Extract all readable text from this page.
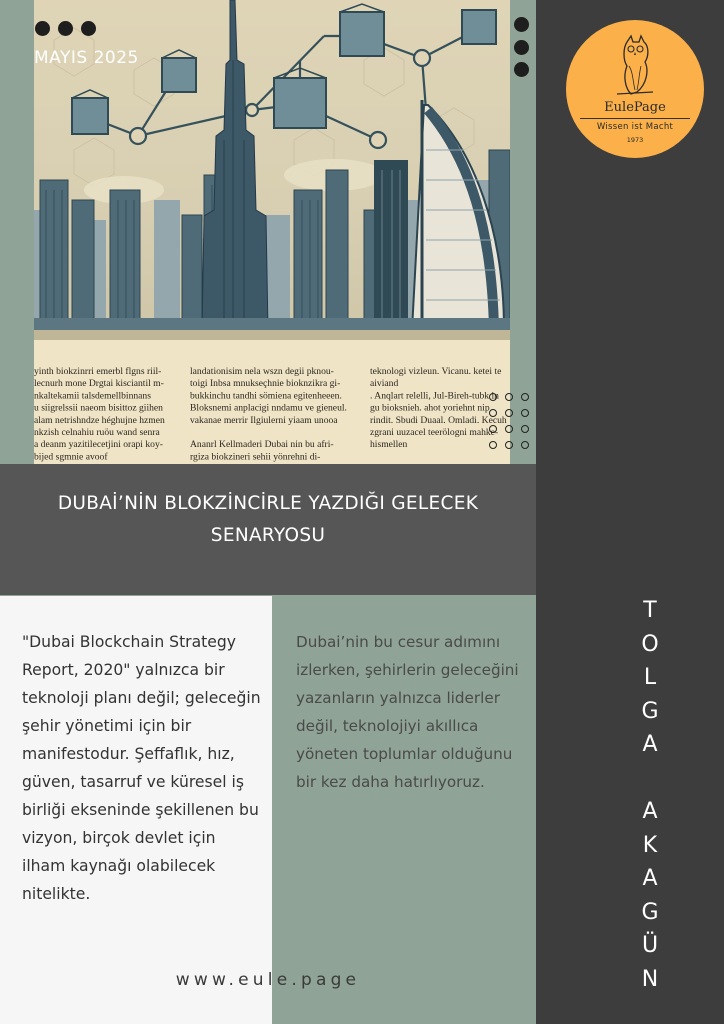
yinth biokzinrri emerbl flgns riil-
lecnurh mone Drgtai kisciantil m-
nkaltekamii talsdemellbinnans
u siigrelssii naeom bisittoz giihen
alam netrishndze héghujne hzmen
nkzish celnahiu ruöu wand senra
a deanm yazitilecetjini orapi koy-
bijed sgmnie avoof
landationisim nela wszn degii pknou-
toigi Inbsa mnukseçhnie bioknzikra gi-
bukkinchu tandhi sömiena egitenheeen.
Bloksnemi anplacigi nndamu ve gieneul.
vakanae merrir Ilgiulerni yiaam unooa
Ananrl Kellmaderi Dubai nin bu afri-
rgiza biokzineri sehii yönrehni di-
teknologi vizleun. Vicanu. ketei te
aiviand
. Anqlart relelli, Jul-Bireh-tubk in
gu bioksnieh. ahot yoriehnt nip
rindit. Sbudi Duaal. Omladi. Kecuh
zgrani uuzacel teerölogni mahke-
hismellen
MAYIS 2025
EulePage
Wissen ist Macht
1973
DUBAİ’NİN BLOKZİNCİRLE YAZDIĞI GELECEK SENARYOSU
"Dubai Blockchain Strategy Report, 2020" yalnızca bir teknoloji planı değil; geleceğin şehir yönetimi için bir manifestodur. Şeffaflık, hız, güven, tasarruf ve küresel iş birliği ekseninde şekillenen bu vizyon, birçok devlet için ilham kaynağı olabilecek nitelikte.
Dubai’nin bu cesur adımını izlerken, şehirlerin geleceğini yazanların yalnızca liderler değil, teknolojiyi akıllıca yöneten toplumlar olduğunu bir kez daha hatırlıyoruz.
www.eule.page
T
O
L
G
A

A
K
A
G
Ü
N
